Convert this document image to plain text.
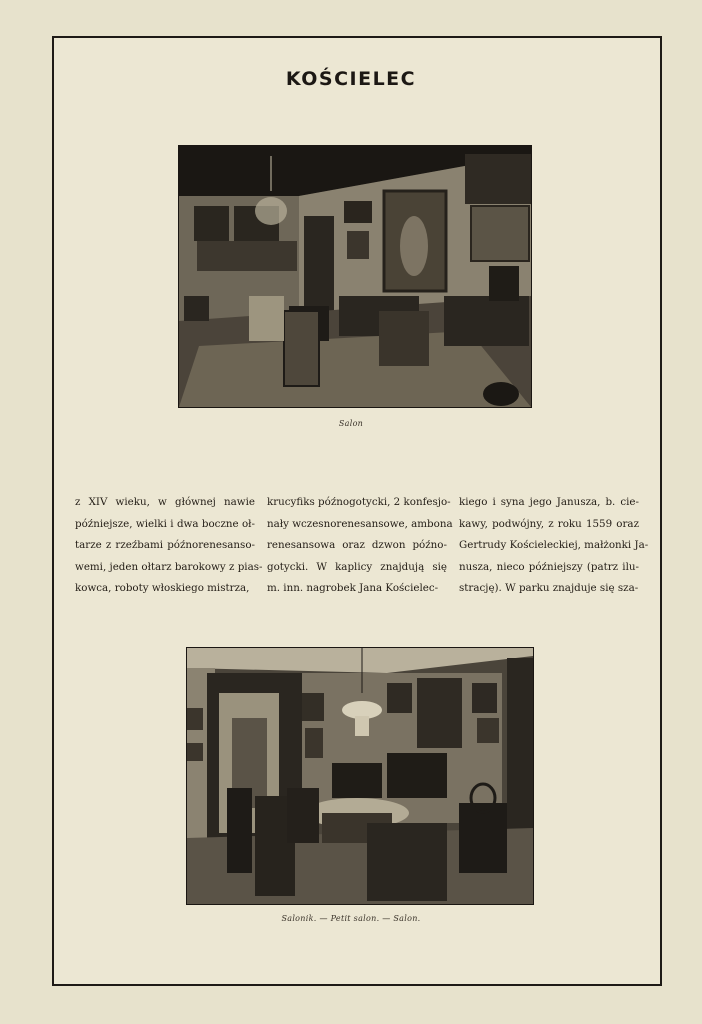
KOŚCIELEC
Salon

z XIV wieku, w głównej nawie

późniejsze, wielki i dwa boczne oł-

tarze z rzeźbami późnorenesanso-

wemi, jeden ołtarz barokowy z pias-

kowca, roboty włoskiego mistrza,

krucyfiks późnogotycki, 2 konfesjo-

nały wczesnorenesansowe, ambona

renesansowa oraz dzwon późno-

gotycki. W kaplicy znajdują się

m. inn. nagrobek Jana Kościelec-

kiego i syna jego Janusza, b. cie-

kawy, podwójny, z roku 1559 oraz

Gertrudy Kościeleckiej, małżonki Ja-

nusza, nieco późniejszy (patrz ilu-

strację). W parku znajduje się sza-

Salonik. — Petit salon. — Salon.
